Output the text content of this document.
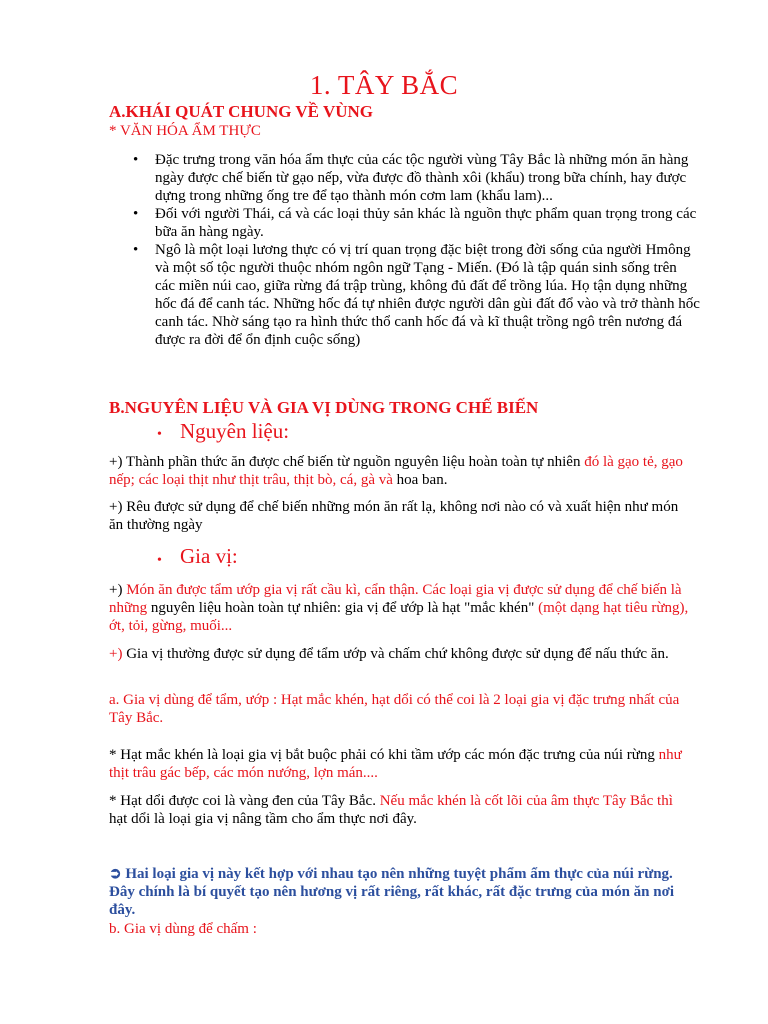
1. TÂY BẮC
A.KHÁI QUÁT CHUNG VỀ VÙNG
* VĂN HÓA ẨM THỰC
• Đặc trưng trong văn hóa ẩm thực của các tộc người vùng Tây Bắc là những món ăn hàng ngày được chế biến từ gạo nếp, vừa được đồ thành xôi (khẩu) trong bữa chính, hay được dựng trong những ống tre để tạo thành món cơm lam (khẩu lam)...
• Đối với người Thái, cá và các loại thủy sản khác là nguồn thực phẩm quan trọng trong các bữa ăn hàng ngày.
• Ngô là một loại lương thực có vị trí quan trọng đặc biệt trong đời sống của người Hmông và một số tộc người thuộc nhóm ngôn ngữ Tạng - Miến. (Đó là tập quán sinh sống trên các miền núi cao, giữa rừng đá trập trùng, không đủ đất để trồng lúa. Họ tận dụng những hốc đá để canh tác. Những hốc đá tự nhiên được người dân gùi đất đổ vào và trở thành hốc canh tác. Nhờ sáng tạo ra hình thức thổ canh hốc đá và kĩ thuật trồng ngô trên nương đá được ra đời để ổn định cuộc sống)
B.NGUYÊN LIỆU VÀ GIA VỊ DÙNG TRONG CHẾ BIẾN
• Nguyên liệu:

+) Thành phần thức ăn được chế biến từ nguồn nguyên liệu hoàn toàn tự nhiên đó là gạo tẻ, gạo nếp; các loại thịt như thịt trâu, thịt bò, cá, gà và hoa ban.

+) Rêu được sử dụng để chế biến những món ăn rất lạ, không nơi nào có và xuất hiện như món ăn thường ngày

• Gia vị:

+) Món ăn được tẩm ướp gia vị rất cầu kì, cẩn thận. Các loại gia vị được sử dụng để chế biến là những nguyên liệu hoàn toàn tự nhiên: gia vị để ướp là hạt "mắc khén" (một dạng hạt tiêu rừng), ớt, tỏi, gừng, muối...

+) Gia vị thường được sử dụng để tẩm ướp và chấm chứ không được sử dụng để nấu thức ăn.

a. Gia vị dùng để tẩm, ướp : Hạt mắc khén, hạt dổi có thể coi là 2 loại gia vị đặc trưng nhất của Tây Bắc.

* Hạt mắc khén là loại gia vị bắt buộc phải có khi tầm ướp các món đặc trưng của núi rừng như thịt trâu gác bếp, các món nướng, lợn mán....

* Hạt dổi được coi là vàng đen của Tây Bắc. Nếu mắc khén là cốt lõi của âm thực Tây Bắc thì hạt dổi là loại gia vị nâng tầm cho ẩm thực nơi đây.

➲ Hai loại gia vị này kết hợp với nhau tạo nên những tuyệt phẩm ẩm thực của núi rừng. Đây chính là bí quyết tạo nên hương vị rất riêng, rất khác, rất đặc trưng của món ăn nơi đây.

b. Gia vị dùng để chấm :
